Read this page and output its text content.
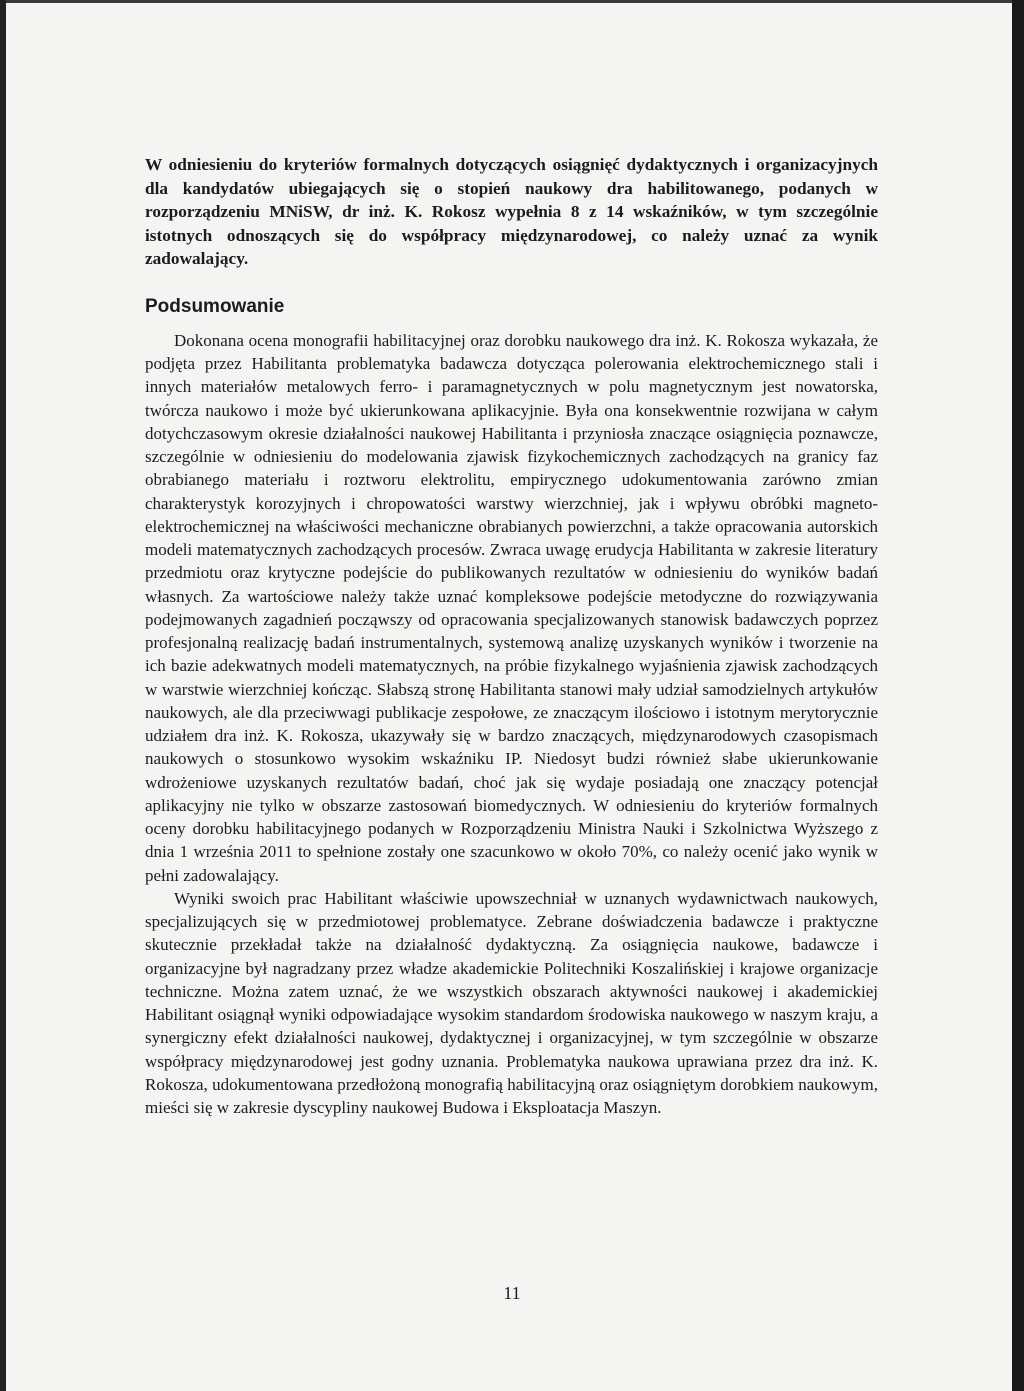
W odniesieniu do kryteriów formalnych dotyczących osiągnięć dydaktycznych i organizacyjnych dla kandydatów ubiegających się o stopień naukowy dra habilitowanego, podanych w rozporządzeniu MNiSW, dr inż. K. Rokosz wypełnia 8 z 14 wskaźników, w tym szczególnie istotnych odnoszących się do współpracy międzynarodowej, co należy uznać za wynik zadowalający.

Podsumowanie

Dokonana ocena monografii habilitacyjnej oraz dorobku naukowego dra inż. K. Rokosza wykazała, że podjęta przez Habilitanta problematyka badawcza dotycząca polerowania elektrochemicznego stali i innych materiałów metalowych ferro- i paramagnetycznych w polu magnetycznym jest nowatorska, twórcza naukowo i może być ukierunkowana aplikacyjnie. Była ona konsekwentnie rozwijana w całym dotychczasowym okresie działalności naukowej Habilitanta i przyniosła znaczące osiągnięcia poznawcze, szczególnie w odniesieniu do modelowania zjawisk fizykochemicznych zachodzących na granicy faz obrabianego materiału i roztworu elektrolitu, empirycznego udokumentowania zarówno zmian charakterystyk korozyjnych i chropowatości warstwy wierzchniej, jak i wpływu obróbki magneto-elektrochemicznej na właściwości mechaniczne obrabianych powierzchni, a także opracowania autorskich modeli matematycznych zachodzących procesów. Zwraca uwagę erudycja Habilitanta w zakresie literatury przedmiotu oraz krytyczne podejście do publikowanych rezultatów w odniesieniu do wyników badań własnych. Za wartościowe należy także uznać kompleksowe podejście metodyczne do rozwiązywania podejmowanych zagadnień począwszy od opracowania specjalizowanych stanowisk badawczych poprzez profesjonalną realizację badań instrumentalnych, systemową analizę uzyskanych wyników i tworzenie na ich bazie adekwatnych modeli matematycznych, na próbie fizykalnego wyjaśnienia zjawisk zachodzących w warstwie wierzchniej kończąc. Słabszą stronę Habilitanta stanowi mały udział samodzielnych artykułów naukowych, ale dla przeciwwagi publikacje zespołowe, ze znaczącym ilościowo i istotnym merytorycznie udziałem dra inż. K. Rokosza, ukazywały się w bardzo znaczących, międzynarodowych czasopismach naukowych o stosunkowo wysokim wskaźniku IP. Niedosyt budzi również słabe ukierunkowanie wdrożeniowe uzyskanych rezultatów badań, choć jak się wydaje posiadają one znaczący potencjał aplikacyjny nie tylko w obszarze zastosowań biomedycznych. W odniesieniu do kryteriów formalnych oceny dorobku habilitacyjnego podanych w Rozporządzeniu Ministra Nauki i Szkolnictwa Wyższego z dnia 1 września 2011 to spełnione zostały one szacunkowo w około 70%, co należy ocenić jako wynik w pełni zadowalający.

Wyniki swoich prac Habilitant właściwie upowszechniał w uznanych wydawnictwach naukowych, specjalizujących się w przedmiotowej problematyce. Zebrane doświadczenia badawcze i praktyczne skutecznie przekładał także na działalność dydaktyczną. Za osiągnięcia naukowe, badawcze i organizacyjne był nagradzany przez władze akademickie Politechniki Koszalińskiej i krajowe organizacje techniczne. Można zatem uznać, że we wszystkich obszarach aktywności naukowej i akademickiej Habilitant osiągnął wyniki odpowiadające wysokim standardom środowiska naukowego w naszym kraju, a synergiczny efekt działalności naukowej, dydaktycznej i organizacyjnej, w tym szczególnie w obszarze współpracy międzynarodowej jest godny uznania. Problematyka naukowa uprawiana przez dra inż. K. Rokosza, udokumentowana przedłożoną monografią habilitacyjną oraz osiągniętym dorobkiem naukowym, mieści się w zakresie dyscypliny naukowej Budowa i Eksploatacja Maszyn.

11
